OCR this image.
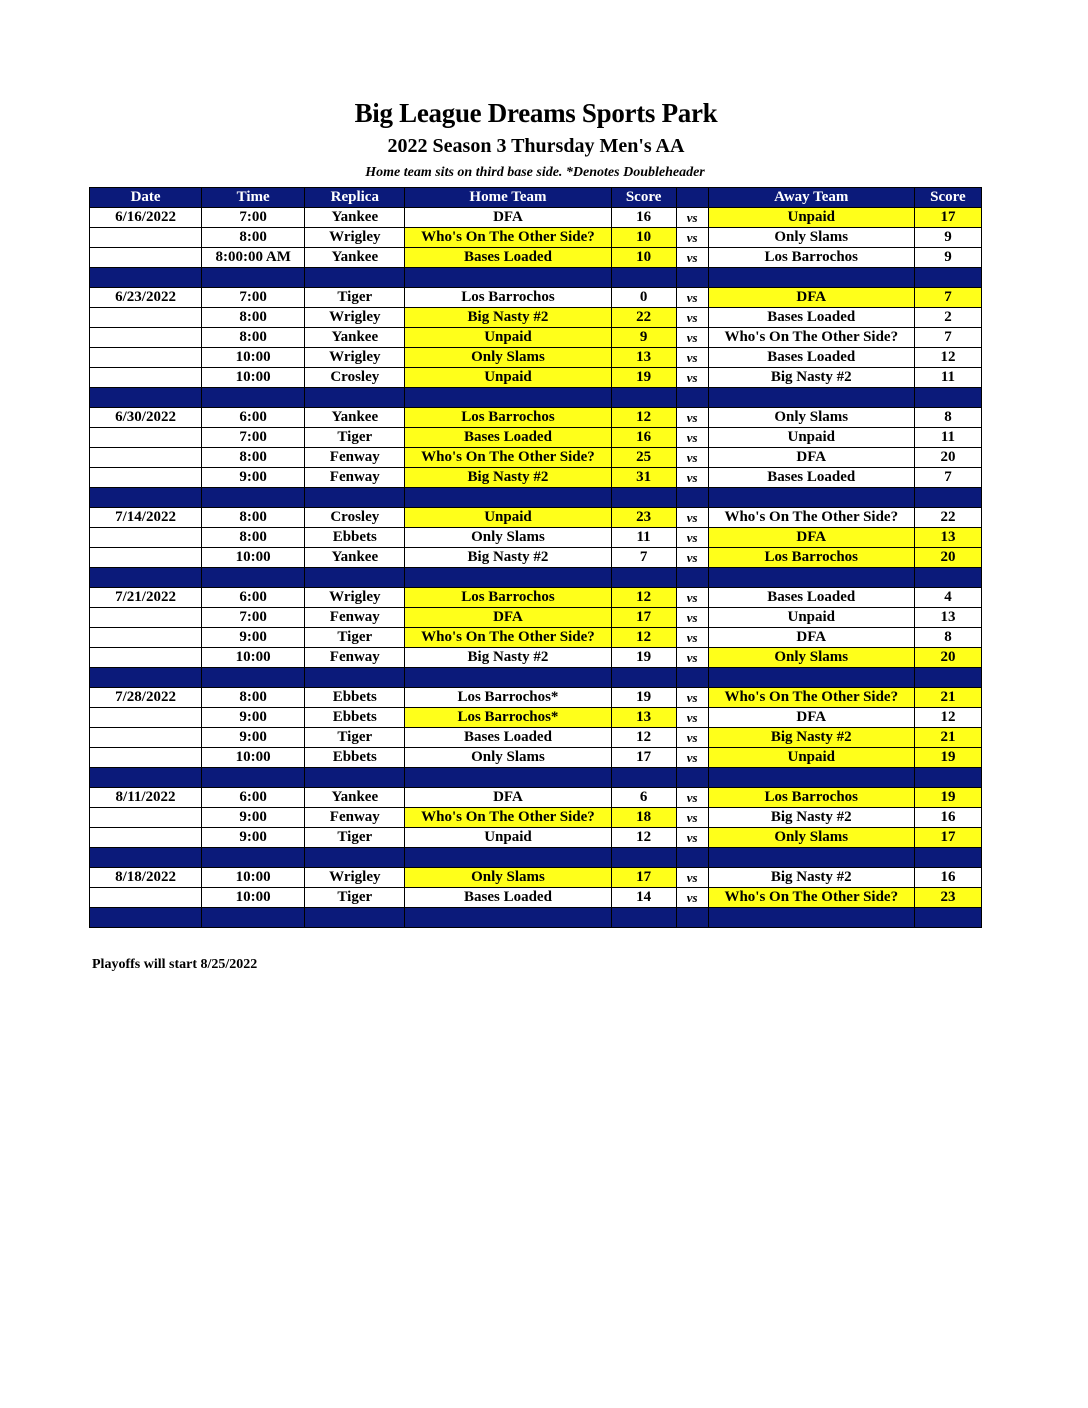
Big League Dreams Sports Park
2022 Season 3 Thursday Men's AA
Home team sits on third base side. *Denotes Doubleheader
Date	Time	Replica	Home Team	Score		Away Team	Score
6/16/2022	7:00	Yankee	DFA	16	vs	Unpaid	17
	8:00	Wrigley	Who's On The Other Side?	10	vs	Only Slams	9
	8:00:00 AM	Yankee	Bases Loaded	10	vs	Los Barrochos	9

6/23/2022	7:00	Tiger	Los Barrochos	0	vs	DFA	7
	8:00	Wrigley	Big Nasty #2	22	vs	Bases Loaded	2
	8:00	Yankee	Unpaid	9	vs	Who's On The Other Side?	7
	10:00	Wrigley	Only Slams	13	vs	Bases Loaded	12
	10:00	Crosley	Unpaid	19	vs	Big Nasty #2	11

6/30/2022	6:00	Yankee	Los Barrochos	12	vs	Only Slams	8
	7:00	Tiger	Bases Loaded	16	vs	Unpaid	11
	8:00	Fenway	Who's On The Other Side?	25	vs	DFA	20
	9:00	Fenway	Big Nasty #2	31	vs	Bases Loaded	7

7/14/2022	8:00	Crosley	Unpaid	23	vs	Who's On The Other Side?	22
	8:00	Ebbets	Only Slams	11	vs	DFA	13
	10:00	Yankee	Big Nasty #2	7	vs	Los Barrochos	20

7/21/2022	6:00	Wrigley	Los Barrochos	12	vs	Bases Loaded	4
	7:00	Fenway	DFA	17	vs	Unpaid	13
	9:00	Tiger	Who's On The Other Side?	12	vs	DFA	8
	10:00	Fenway	Big Nasty #2	19	vs	Only Slams	20

7/28/2022	8:00	Ebbets	Los Barrochos*	19	vs	Who's On The Other Side?	21
	9:00	Ebbets	Los Barrochos*	13	vs	DFA	12
	9:00	Tiger	Bases Loaded	12	vs	Big Nasty #2	21
	10:00	Ebbets	Only Slams	17	vs	Unpaid	19

8/11/2022	6:00	Yankee	DFA	6	vs	Los Barrochos	19
	9:00	Fenway	Who's On The Other Side?	18	vs	Big Nasty #2	16
	9:00	Tiger	Unpaid	12	vs	Only Slams	17

8/18/2022	10:00	Wrigley	Only Slams	17	vs	Big Nasty #2	16
	10:00	Tiger	Bases Loaded	14	vs	Who's On The Other Side?	23

Playoffs will start 8/25/2022
